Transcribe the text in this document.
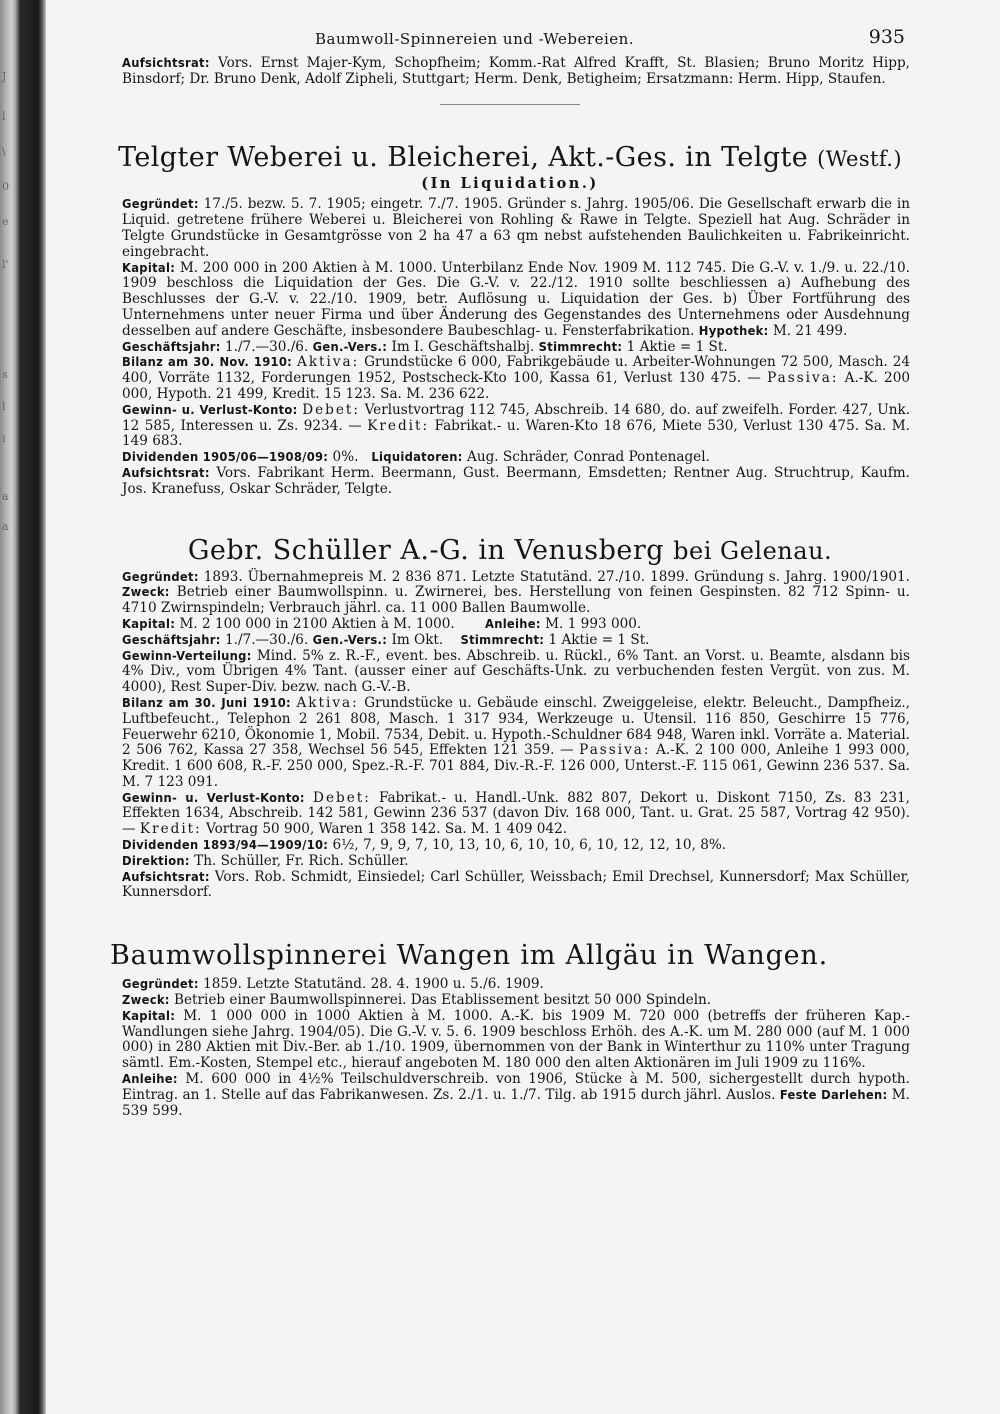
J
l
\
0
e
l'
s
l
i
a
a
Baumwoll-Spinnereien und -Webereien.	935

Aufsichtsrat: Vors. Ernst Majer-Kym, Schopfheim; Komm.-Rat Alfred Krafft, St. Blasien; Bruno Moritz Hipp, Binsdorf; Dr. Bruno Denk, Adolf Zipheli, Stuttgart; Herm. Denk, Betigheim; Ersatzmann: Herm. Hipp, Staufen.

Telgter Weberei u. Bleicherei, Akt.-Ges. in Telgte (Westf.)
(In Liquidation.)

Gegründet: 17./5. bezw. 5. 7. 1905; eingetr. 7./7. 1905. Gründer s. Jahrg. 1905/06. Die Gesellschaft erwarb die in Liquid. getretene frühere Weberei u. Bleicherei von Rohling & Rawe in Telgte. Speziell hat Aug. Schräder in Telgte Grundstücke in Gesamtgrösse von 2 ha 47 a 63 qm nebst aufstehenden Baulichkeiten u. Fabrikeinricht. eingebracht.

Kapital: M. 200 000 in 200 Aktien à M. 1000. Unterbilanz Ende Nov. 1909 M. 112 745. Die G.-V. v. 1./9. u. 22./10. 1909 beschloss die Liquidation der Ges. Die G.-V. v. 22./12. 1910 sollte beschliessen a) Aufhebung des Beschlusses der G.-V. v. 22./10. 1909, betr. Auflösung u. Liquidation der Ges. b) Über Fortführung des Unternehmens unter neuer Firma und über Änderung des Gegenstandes des Unternehmens oder Ausdehnung desselben auf andere Geschäfte, insbesondere Baubeschlag- u. Fensterfabrikation. Hypothek: M. 21 499.

Geschäftsjahr: 1./7.—30./6. Gen.-Vers.: Im I. Geschäftshalbj. Stimmrecht: 1 Aktie = 1 St.

Bilanz am 30. Nov. 1910: Aktiva: Grundstücke 6 000, Fabrikgebäude u. Arbeiter-Wohnungen 72 500, Masch. 24 400, Vorräte 1132, Forderungen 1952, Postscheck-Kto 100, Kassa 61, Verlust 130 475. — Passiva: A.-K. 200 000, Hypoth. 21 499, Kredit. 15 123. Sa. M. 236 622.

Gewinn- u. Verlust-Konto: Debet: Verlustvortrag 112 745, Abschreib. 14 680, do. auf zweifelh. Forder. 427, Unk. 12 585, Interessen u. Zs. 9234. — Kredit: Fabrikat.- u. Waren-Kto 18 676, Miete 530, Verlust 130 475. Sa. M. 149 683.

Dividenden 1905/06—1908/09: 0%. Liquidatoren: Aug. Schräder, Conrad Pontenagel.

Aufsichtsrat: Vors. Fabrikant Herm. Beermann, Gust. Beermann, Emsdetten; Rentner Aug. Struchtrup, Kaufm. Jos. Kranefuss, Oskar Schräder, Telgte.

Gebr. Schüller A.-G. in Venusberg bei Gelenau.

Gegründet: 1893. Übernahmepreis M. 2 836 871. Letzte Statutänd. 27./10. 1899. Gründung s. Jahrg. 1900/1901. Zweck: Betrieb einer Baumwollspinn. u. Zwirnerei, bes. Herstellung von feinen Gespinsten. 82 712 Spinn- u. 4710 Zwirnspindeln; Verbrauch jährl. ca. 11 000 Ballen Baumwolle.

Kapital: M. 2 100 000 in 2100 Aktien à M. 1000. Anleihe: M. 1 993 000.

Geschäftsjahr: 1./7.—30./6. Gen.-Vers.: Im Okt. Stimmrecht: 1 Aktie = 1 St.

Gewinn-Verteilung: Mind. 5% z. R.-F., event. bes. Abschreib. u. Rückl., 6% Tant. an Vorst. u. Beamte, alsdann bis 4% Div., vom Übrigen 4% Tant. (ausser einer auf Geschäfts-Unk. zu verbuchenden festen Vergüt. von zus. M. 4000), Rest Super-Div. bezw. nach G.-V.-B.

Bilanz am 30. Juni 1910: Aktiva: Grundstücke u. Gebäude einschl. Zweiggeleise, elektr. Beleucht., Dampfheiz., Luftbefeucht., Telephon 2 261 808, Masch. 1 317 934, Werkzeuge u. Utensil. 116 850, Geschirre 15 776, Feuerwehr 6210, Ökonomie 1, Mobil. 7534, Debit. u. Hypoth.-Schuldner 684 948, Waren inkl. Vorräte a. Material. 2 506 762, Kassa 27 358, Wechsel 56 545, Effekten 121 359. — Passiva: A.-K. 2 100 000, Anleihe 1 993 000, Kredit. 1 600 608, R.-F. 250 000, Spez.-R.-F. 701 884, Div.-R.-F. 126 000, Unterst.-F. 115 061, Gewinn 236 537. Sa. M. 7 123 091.

Gewinn- u. Verlust-Konto: Debet: Fabrikat.- u. Handl.-Unk. 882 807, Dekort u. Diskont 7150, Zs. 83 231, Effekten 1634, Abschreib. 142 581, Gewinn 236 537 (davon Div. 168 000, Tant. u. Grat. 25 587, Vortrag 42 950). — Kredit: Vortrag 50 900, Waren 1 358 142. Sa. M. 1 409 042.

Dividenden 1893/94—1909/10: 6½, 7, 9, 9, 7, 10, 13, 10, 6, 10, 10, 6, 10, 12, 12, 10, 8%.

Direktion: Th. Schüller, Fr. Rich. Schüller.

Aufsichtsrat: Vors. Rob. Schmidt, Einsiedel; Carl Schüller, Weissbach; Emil Drechsel, Kunnersdorf; Max Schüller, Kunnersdorf.

Baumwollspinnerei Wangen im Allgäu in Wangen.

Gegründet: 1859. Letzte Statutänd. 28. 4. 1900 u. 5./6. 1909.

Zweck: Betrieb einer Baumwollspinnerei. Das Etablissement besitzt 50 000 Spindeln.

Kapital: M. 1 000 000 in 1000 Aktien à M. 1000. A.-K. bis 1909 M. 720 000 (betreffs der früheren Kap.-Wandlungen siehe Jahrg. 1904/05). Die G.-V. v. 5. 6. 1909 beschloss Erhöh. des A.-K. um M. 280 000 (auf M. 1 000 000) in 280 Aktien mit Div.-Ber. ab 1./10. 1909, übernommen von der Bank in Winterthur zu 110% unter Tragung sämtl. Em.-Kosten, Stempel etc., hierauf angeboten M. 180 000 den alten Aktionären im Juli 1909 zu 116%.

Anleihe: M. 600 000 in 4½% Teilschuldverschreib. von 1906, Stücke à M. 500, sichergestellt durch hypoth. Eintrag. an 1. Stelle auf das Fabrikanwesen. Zs. 2./1. u. 1./7. Tilg. ab 1915 durch jährl. Auslos. Feste Darlehen: M. 539 599.
